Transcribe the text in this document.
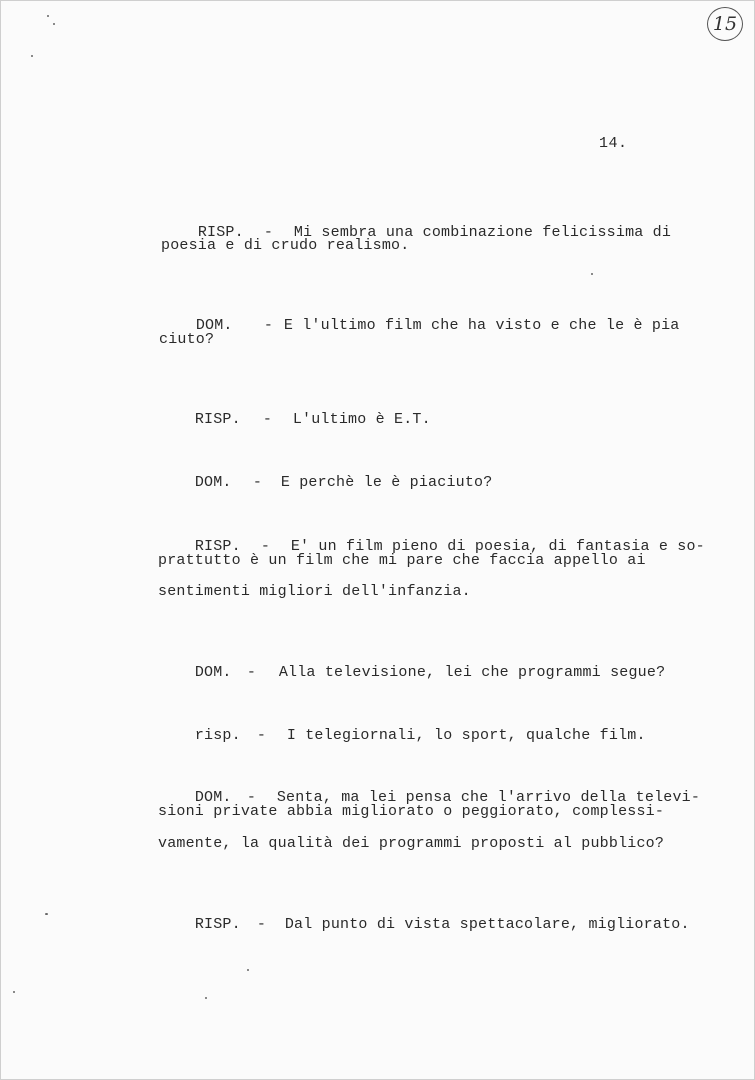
15
14.

RISP. - Mi sembra una combinazione felicissima di

poesia e di crudo realismo.

DOM. - E l'ultimo film che ha visto e che le è pia

ciuto?

RISP. - L'ultimo è E.T.

DOM. - E perchè le è piaciuto?

RISP. - E' un film pieno di poesia, di fantasia e so-

prattutto è un film che mi pare che faccia appello ai
sentimenti migliori dell'infanzia.

DOM. - Alla televisione, lei che programmi segue?

risp. - I telegiornali, lo sport, qualche film.

DOM. - Senta, ma lei pensa che l'arrivo della televi-

sioni private abbia migliorato o peggiorato, complessi-
vamente, la qualità dei programmi proposti al pubblico?

RISP. - Dal punto di vista spettacolare, migliorato.
